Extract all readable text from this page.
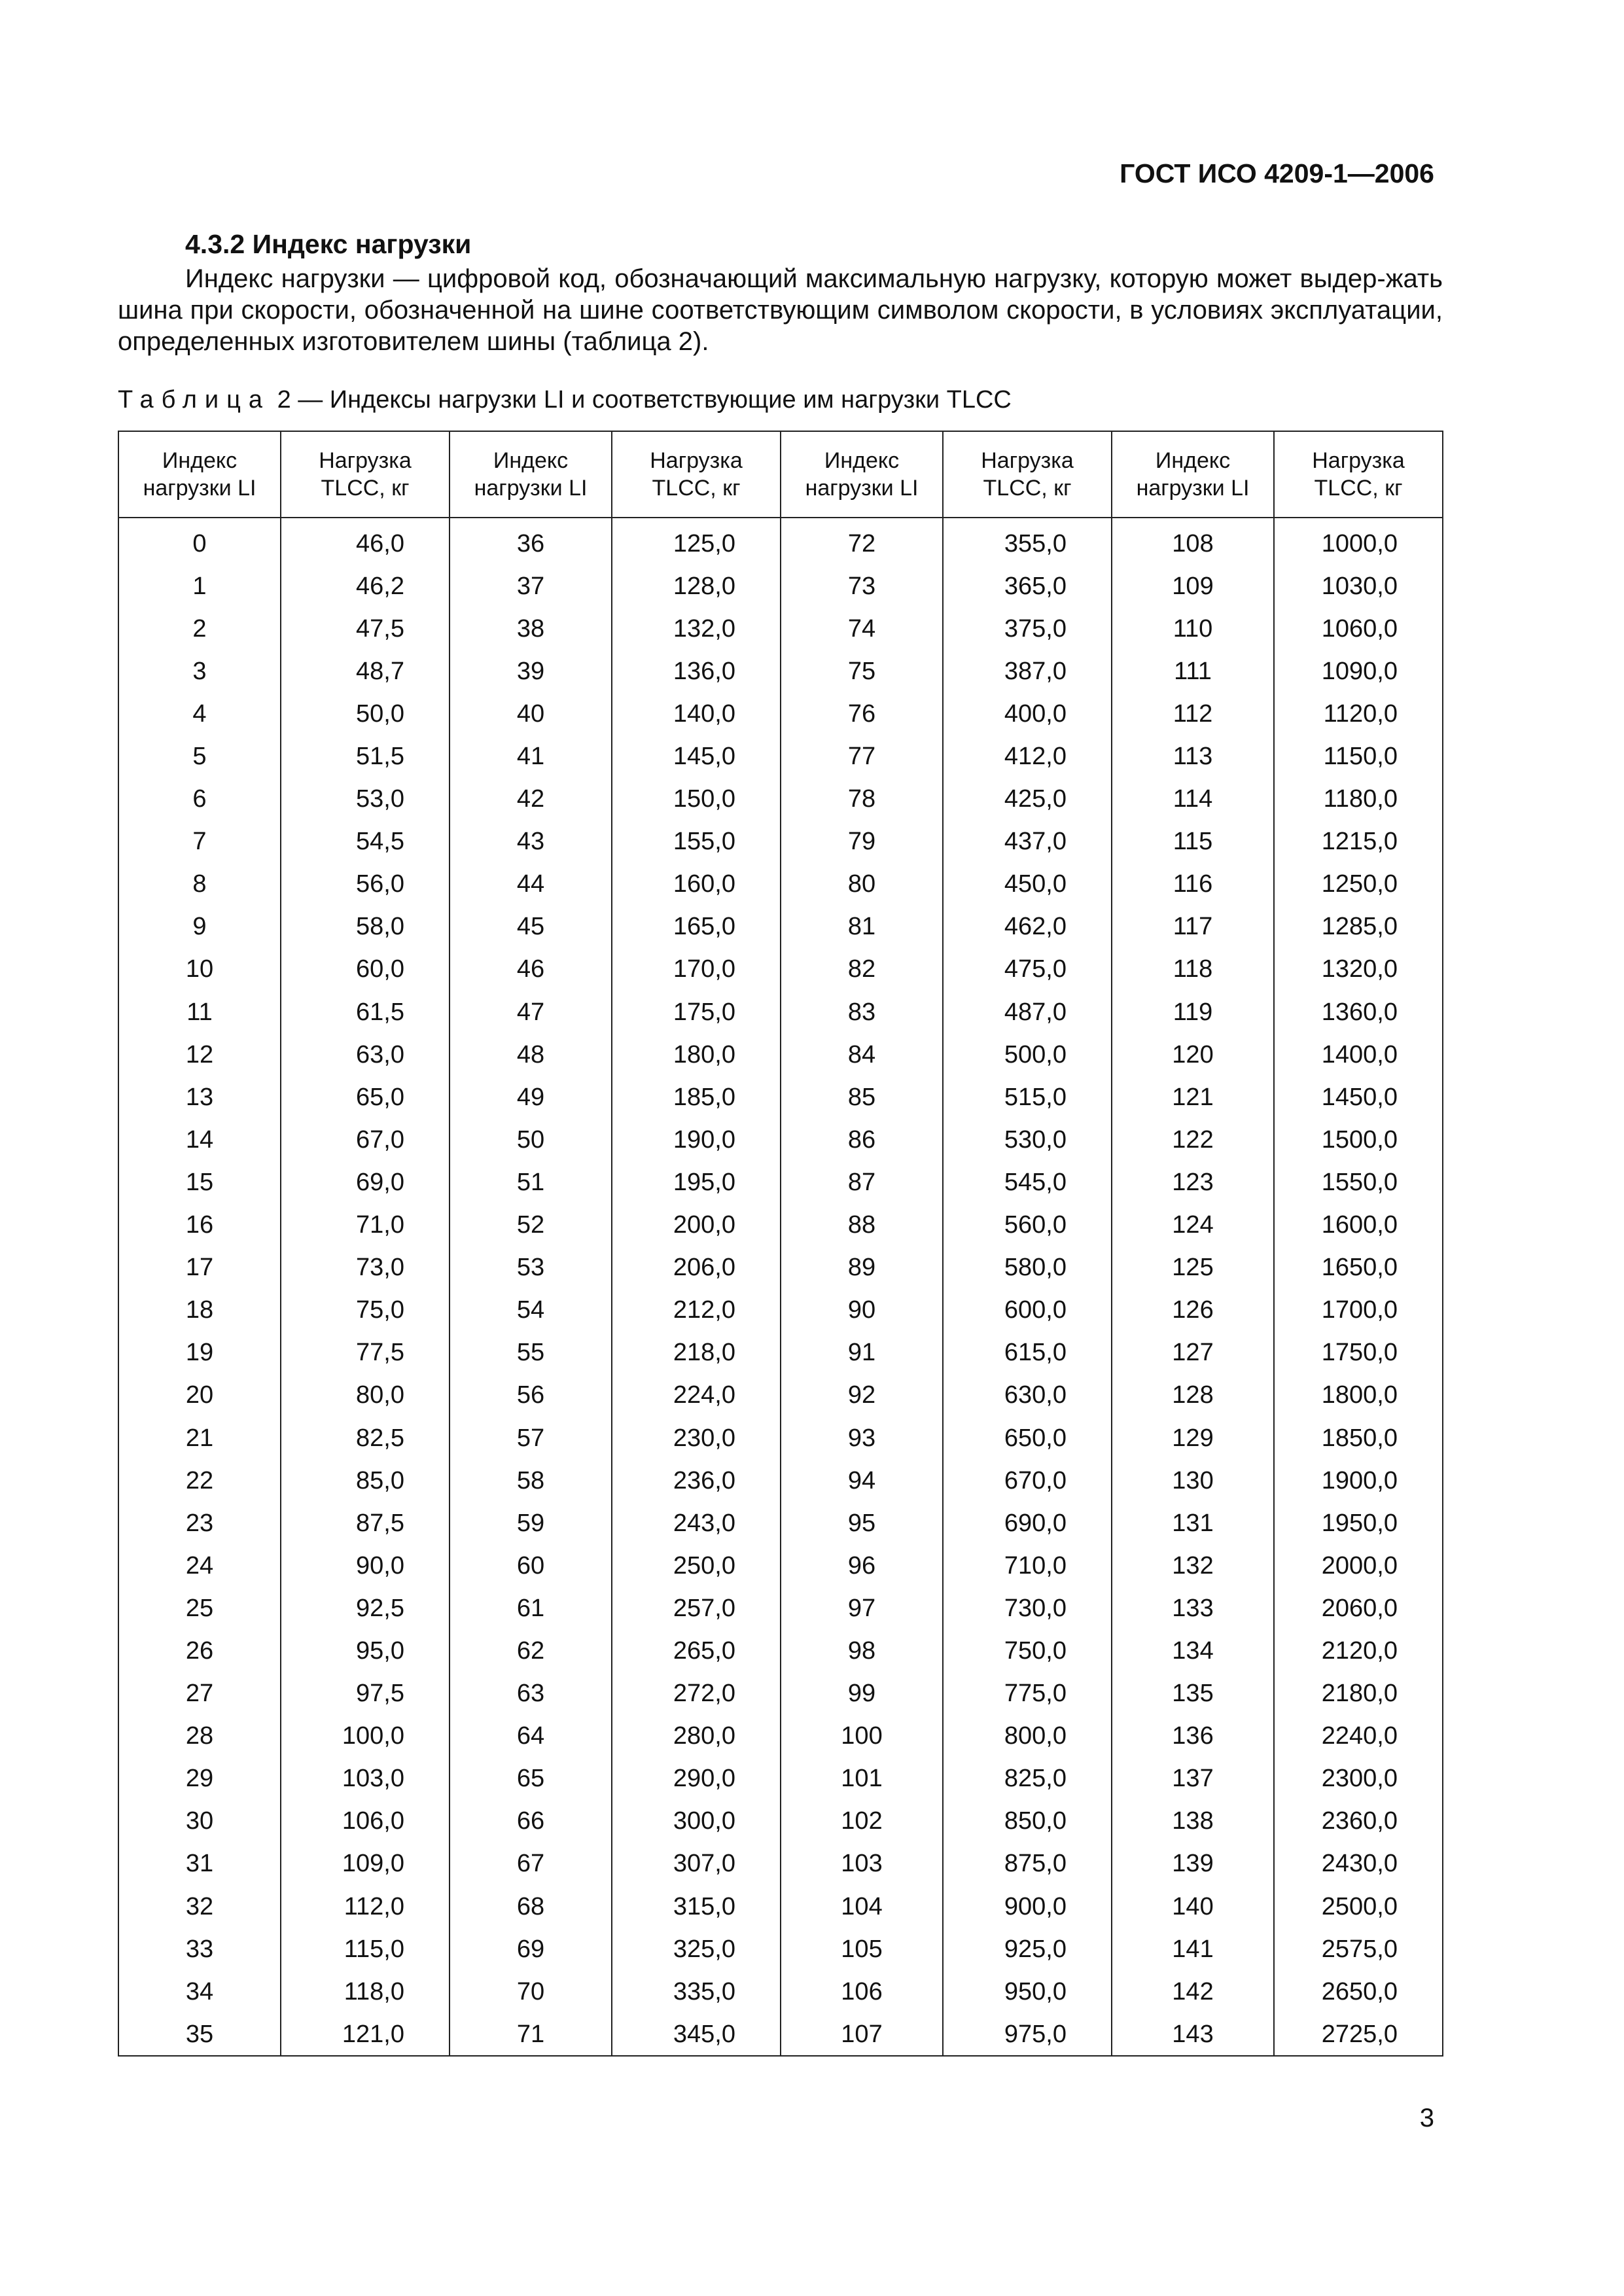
ГОСТ ИСО 4209-1—2006
4.3.2 Индекс нагрузки

Индекс нагрузки — цифровой код, обозначающий максимальную нагрузку, которую может выдер-жать шина при скорости, обозначенной на шине соответствующим символом скорости, в условиях эксплуатации, определенных изготовителем шины (таблица 2).

Таблица 2 — Индексы нагрузки LI и соответствующие им нагрузки TLCC
Индекс
нагрузки LI	Нагрузка
TLCC, кг	Индекс
нагрузки LI	Нагрузка
TLCC, кг	Индекс
нагрузки LI	Нагрузка
TLCC, кг	Индекс
нагрузки LI	Нагрузка
TLCC, кг
0	46,0	36	125,0	72	355,0	108	1000,0
1	46,2	37	128,0	73	365,0	109	1030,0
2	47,5	38	132,0	74	375,0	110	1060,0
3	48,7	39	136,0	75	387,0	111	1090,0
4	50,0	40	140,0	76	400,0	112	1120,0
5	51,5	41	145,0	77	412,0	113	1150,0
6	53,0	42	150,0	78	425,0	114	1180,0
7	54,5	43	155,0	79	437,0	115	1215,0
8	56,0	44	160,0	80	450,0	116	1250,0
9	58,0	45	165,0	81	462,0	117	1285,0
10	60,0	46	170,0	82	475,0	118	1320,0
11	61,5	47	175,0	83	487,0	119	1360,0
12	63,0	48	180,0	84	500,0	120	1400,0
13	65,0	49	185,0	85	515,0	121	1450,0
14	67,0	50	190,0	86	530,0	122	1500,0
15	69,0	51	195,0	87	545,0	123	1550,0
16	71,0	52	200,0	88	560,0	124	1600,0
17	73,0	53	206,0	89	580,0	125	1650,0
18	75,0	54	212,0	90	600,0	126	1700,0
19	77,5	55	218,0	91	615,0	127	1750,0
20	80,0	56	224,0	92	630,0	128	1800,0
21	82,5	57	230,0	93	650,0	129	1850,0
22	85,0	58	236,0	94	670,0	130	1900,0
23	87,5	59	243,0	95	690,0	131	1950,0
24	90,0	60	250,0	96	710,0	132	2000,0
25	92,5	61	257,0	97	730,0	133	2060,0
26	95,0	62	265,0	98	750,0	134	2120,0
27	97,5	63	272,0	99	775,0	135	2180,0
28	100,0	64	280,0	100	800,0	136	2240,0
29	103,0	65	290,0	101	825,0	137	2300,0
30	106,0	66	300,0	102	850,0	138	2360,0
31	109,0	67	307,0	103	875,0	139	2430,0
32	112,0	68	315,0	104	900,0	140	2500,0
33	115,0	69	325,0	105	925,0	141	2575,0
34	118,0	70	335,0	106	950,0	142	2650,0
35	121,0	71	345,0	107	975,0	143	2725,0
3
